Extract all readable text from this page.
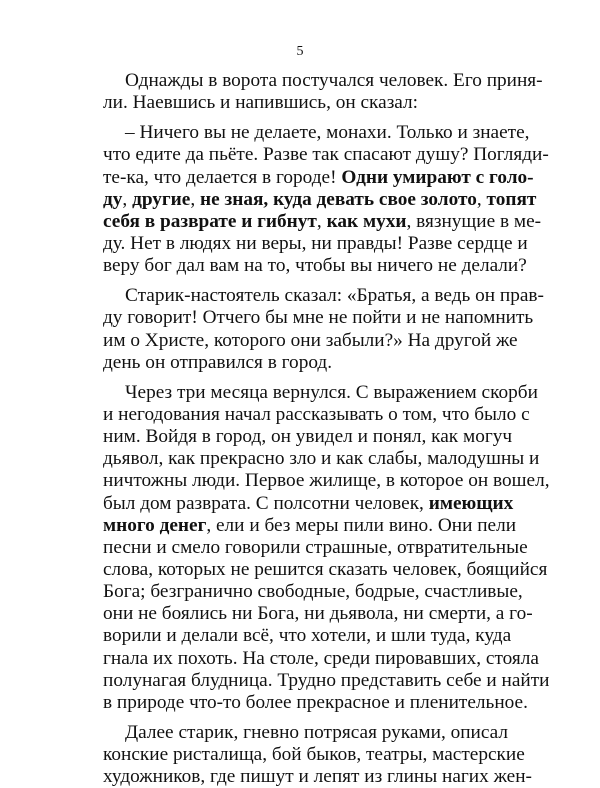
5
Однажды в ворота постучался человек. Его приня-
ли. Наевшись и напившись, он сказал:
– Ничего вы не делаете, монахи. Только и знаете,
что едите да пьёте. Разве так спасают душу? Погляди-
те-ка, что делается в городе! Одни умирают с голо-
ду, другие, не зная, куда девать свое золото, топят
себя в разврате и гибнут, как мухи, вязнущие в ме-
ду. Нет в людях ни веры, ни правды! Разве сердце и
веру бог дал вам на то, чтобы вы ничего не делали?
Старик-настоятель сказал: «Братья, а ведь он прав-
ду говорит! Отчего бы мне не пойти и не напомнить
им о Христе, которого они забыли?» На другой же
день он отправился в город.
Через три месяца вернулся. С выражением скорби
и негодования начал рассказывать о том, что было с
ним. Войдя в город, он увидел и понял, как могуч
дьявол, как прекрасно зло и как слабы, малодушны и
ничтожны люди. Первое жилище, в которое он вошел,
был дом разврата. С полсотни человек, имеющих
много денег, ели и без меры пили вино. Они пели
песни и смело говорили страшные, отвратительные
слова, которых не решится сказать человек, боящийся
Бога; безгранично свободные, бодрые, счастливые,
они не боялись ни Бога, ни дьявола, ни смерти, а го-
ворили и делали всё, что хотели, и шли туда, куда
гнала их похоть. На столе, среди пировавших, стояла
полунагая блудница. Трудно представить себе и найти
в природе что-то более прекрасное и пленительное.
Далее старик, гневно потрясая руками, описал
конские ристалища, бой быков, театры, мастерские
художников, где пишут и лепят из глины нагих жен-
